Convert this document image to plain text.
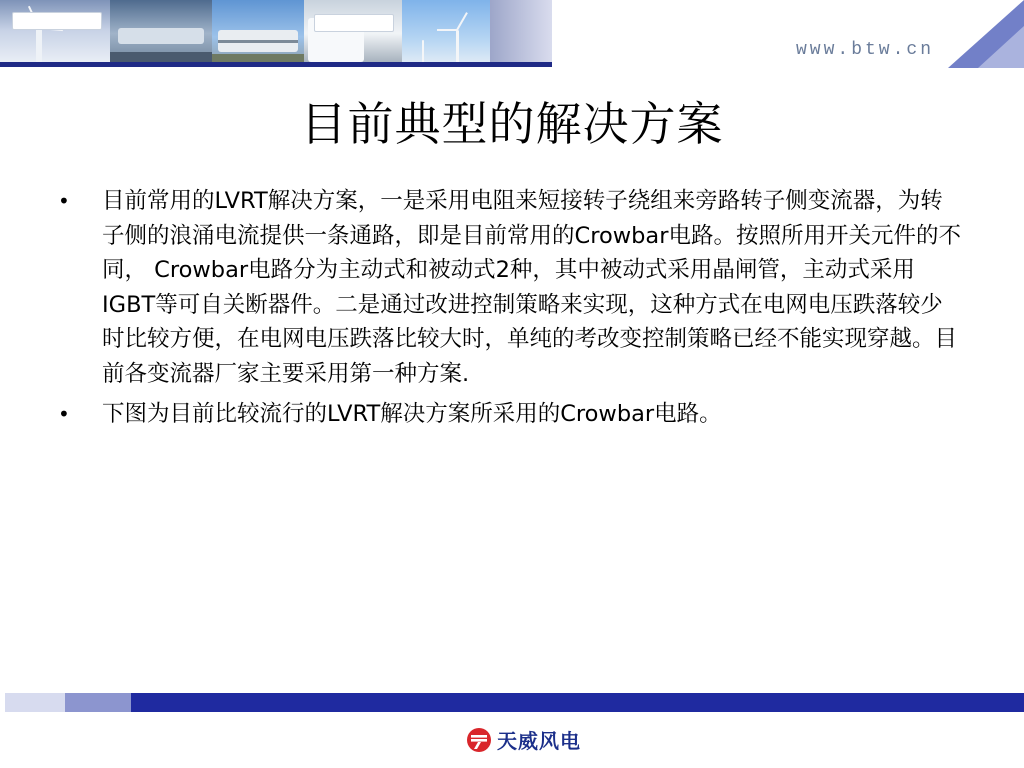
www.btw.cn
目前典型的解决方案
• 目前常用的LVRT解决方案，一是采用电阻来短接转子绕组来旁路转子侧变流器，为转子侧的浪涌电流提供一条通路，即是目前常用的Crowbar电路。按照所用开关元件的不同， Crowbar电路分为主动式和被动式2种，其中被动式采用晶闸管，主动式采用IGBT等可自关断器件。二是通过改进控制策略来实现，这种方式在电网电压跌落较少时比较方便，在电网电压跌落比较大时，单纯的考改变控制策略已经不能实现穿越。目前各变流器厂家主要采用第一种方案.
• 下图为目前比较流行的LVRT解决方案所采用的Crowbar电路。
天威风电
